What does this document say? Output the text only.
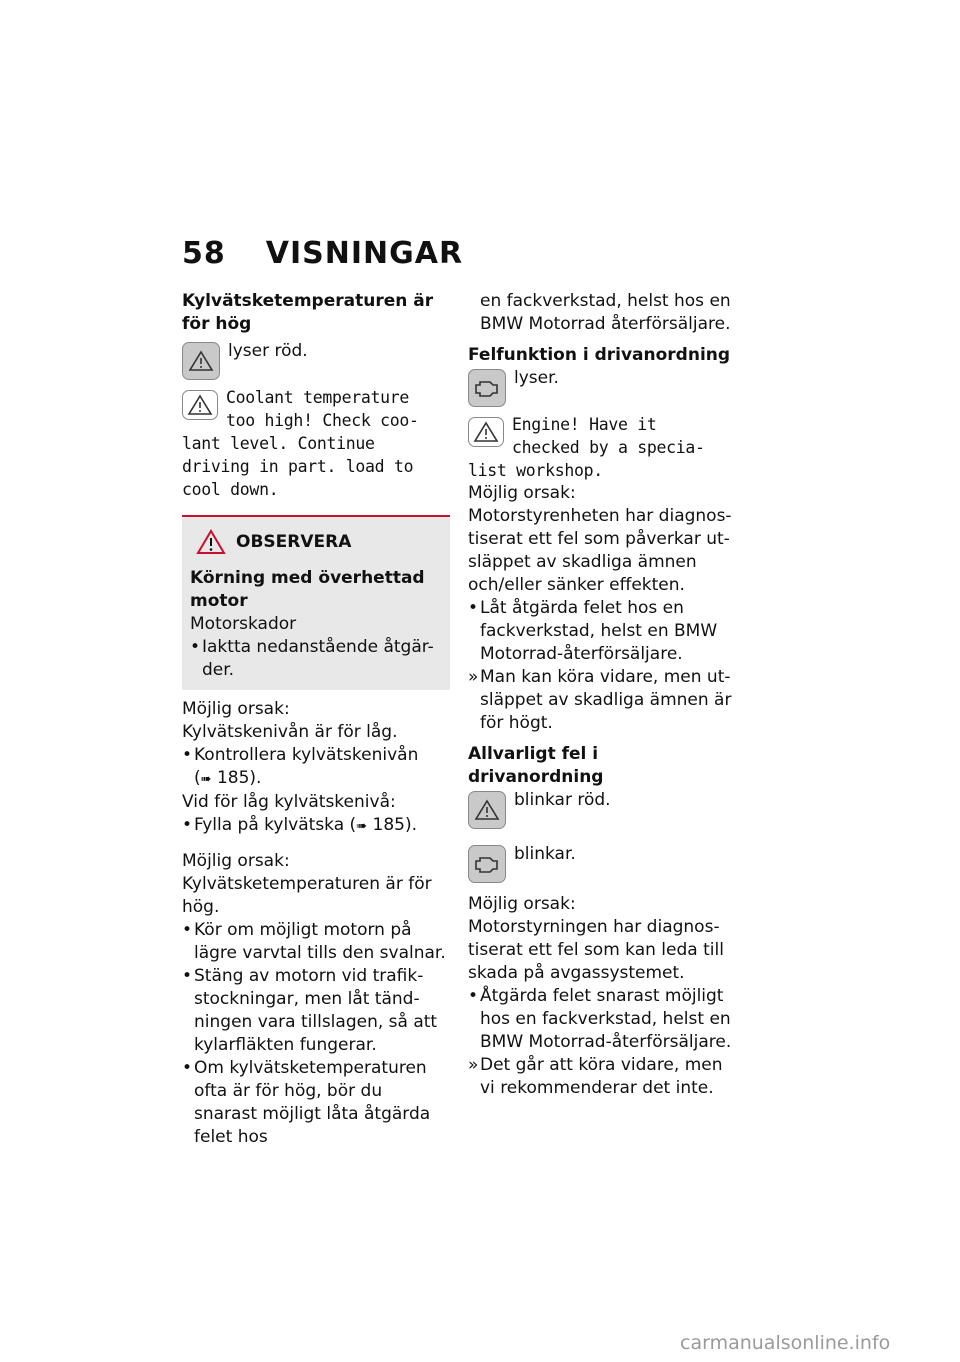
58 VISNINGAR

Kylvätsketemperaturen är för hög

lyser röd.
Coolant temperature
too high! Check coo-
lant level. Continue
driving in part. load to
cool down.
OBSERVERA

Körning med överhettad motor

Motorskador

• Iaktta nedanstående åtgär-der.

Möjlig orsak:

Kylvätskenivån är för låg.

• Kontrollera kylvätskenivån

(➠ 185).

Vid för låg kylvätskenivå:

• Fylla på kylvätska (➠ 185).

Möjlig orsak:

Kylvätsketemperaturen är för hög.

• Kör om möjligt motorn på lägre varvtal tills den svalnar.

• Stäng av motorn vid trafik-stockningar, men låt tänd-ningen vara tillslagen, så att kylarfläkten fungerar.

• Om kylvätsketemperaturen ofta är för hög, bör du snarast möjligt låta åtgärda felet hos

en fackverkstad, helst hos en BMW Motorrad återförsäljare.

Felfunktion i drivanordning

lyser.
Engine! Have it
checked by a specia-
list workshop.

Möjlig orsak:

Motorstyrenheten har diagnos-tiserat ett fel som påverkar ut-släppet av skadliga ämnen och/eller sänker effekten.

• Låt åtgärda felet hos en fackverkstad, helst en BMW Motorrad-återförsäljare.

» Man kan köra vidare, men ut-släppet av skadliga ämnen är för högt.

Allvarligt fel i drivanordning

blinkar röd.
blinkar.

Möjlig orsak:

Motorstyrningen har diagnos-tiserat ett fel som kan leda till skada på avgassystemet.

• Åtgärda felet snarast möjligt hos en fackverkstad, helst en BMW Motorrad-återförsäljare.

» Det går att köra vidare, men vi rekommenderar det inte.

carmanualsonline.info
